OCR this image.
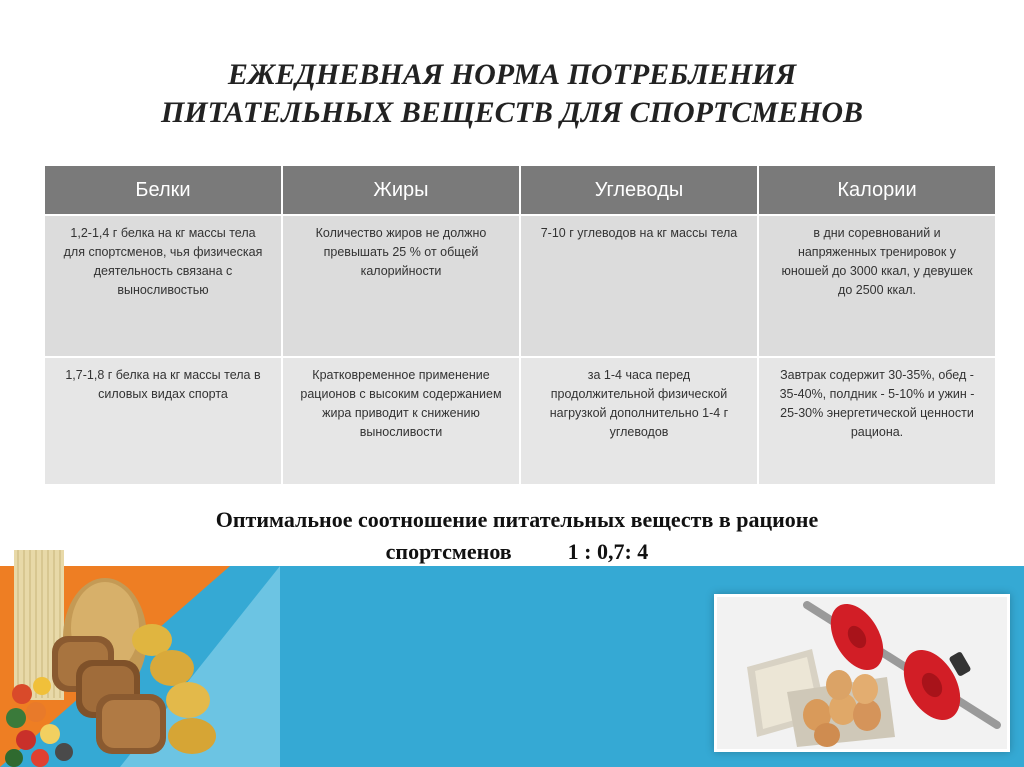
ЕЖЕДНЕВНАЯ НОРМА ПОТРЕБЛЕНИЯ
ПИТАТЕЛЬНЫХ ВЕЩЕСТВ ДЛЯ СПОРТСМЕНОВ
Белки	Жиры	Углеводы	Калории
1,2-1,4 г белка на кг массы тела для спортсменов, чья физическая деятельность связана с выносливостью	Количество жиров не должно превышать 25 % от общей калорийности	7-10 г углеводов на кг массы тела	в дни соревнований и напряженных тренировок у юношей до 3000 ккал, у девушек до 2500 ккал.
1,7-1,8 г белка на кг массы тела в силовых видах спорта	Кратковременное применение рационов с высоким содержанием жира приводит к снижению выносливости	за 1-4 часа перед продолжительной физической нагрузкой дополнительно 1-4 г углеводов	Завтрак содержит 30-35%, обед - 35-40%, полдник - 5-10% и ужин - 25-30% энергетической ценности рациона.
Оптимальное соотношение питательных веществ в рационе
спортсменов	1 : 0,7: 4
